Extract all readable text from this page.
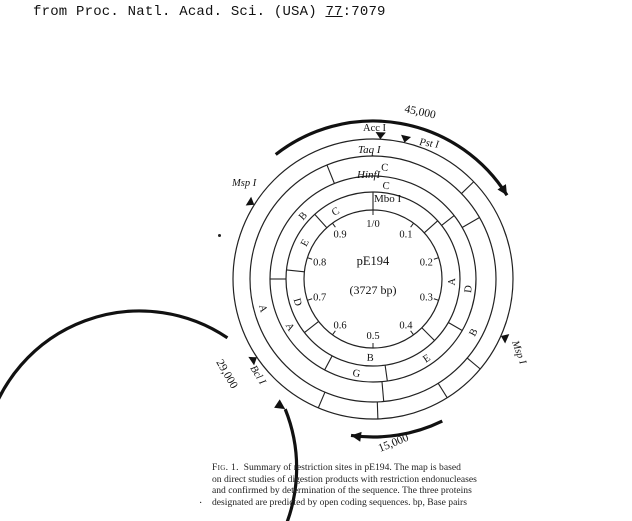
from Proc. Natl. Acad. Sci. (USA) 77:7079
pE194
(3727 bp)
Mbo I
HinfI
Taq I
Acc I
Pst I
Msp I
Msp I
Bcl I
45,000
29,000
15,000
1/0
0.1
0.2
0.3
0.4
0.5
0.6
0.7
0.8
0.9
C
A
B
D
E
C
D
E
G
A
B
C
B
A
·

Fig. 1. Summary of restriction sites in pE194. The map is based

on direct studies of digestion products with restriction endonucleases

and confirmed by determination of the sequence. The three proteins

designated are predicted by open coding sequences. bp, Base pairs
